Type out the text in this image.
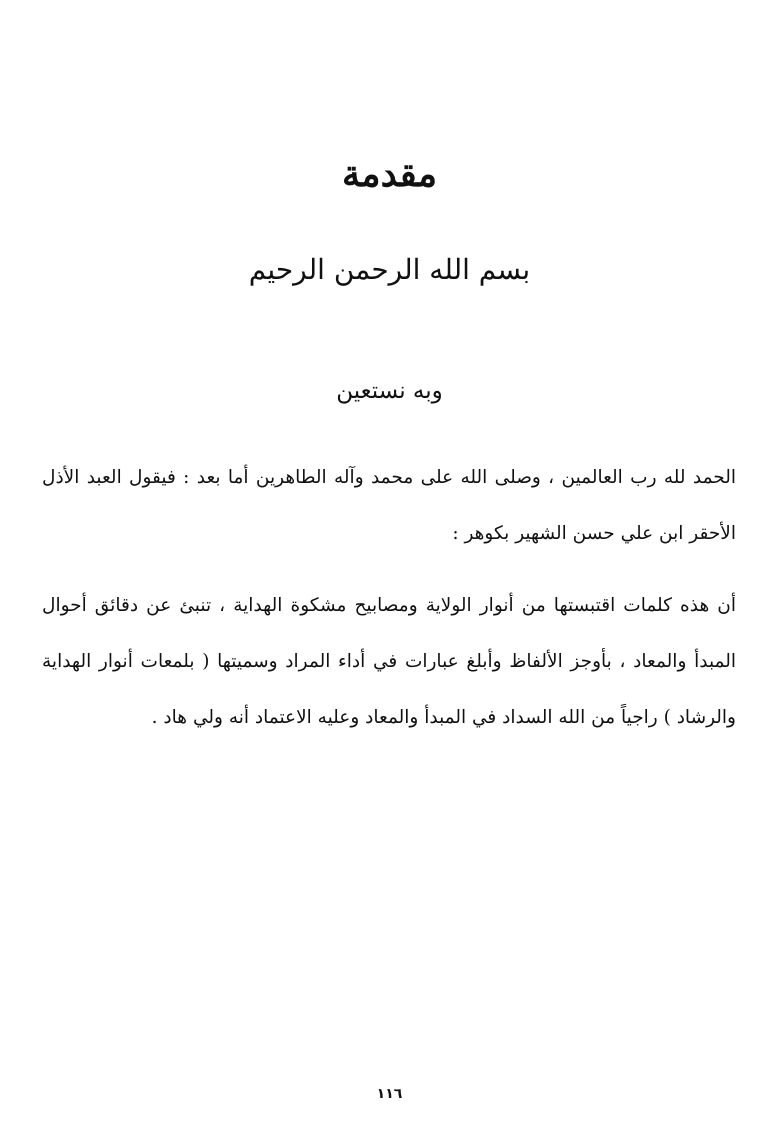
مقدمة
بسم الله الرحمن الرحيم
وبه نستعين

الحمد لله رب العالمين ، وصلى الله على محمد وآله الطاهرين أما بعد : فيقول العبد الأذل الأحقر ابن علي حسن الشهير بكوهر :

أن هذه كلمات اقتبستها من أنوار الولاية ومصابيح مشكوة الهداية ، تنبئ عن دقائق أحوال المبدأ والمعاد ، بأوجز الألفاظ وأبلغ عبارات في أداء المراد وسميتها ( بلمعات أنوار الهداية والرشاد ) راجياً من الله السداد في المبدأ والمعاد وعليه الاعتماد أنه ولي هاد .

١١٦
